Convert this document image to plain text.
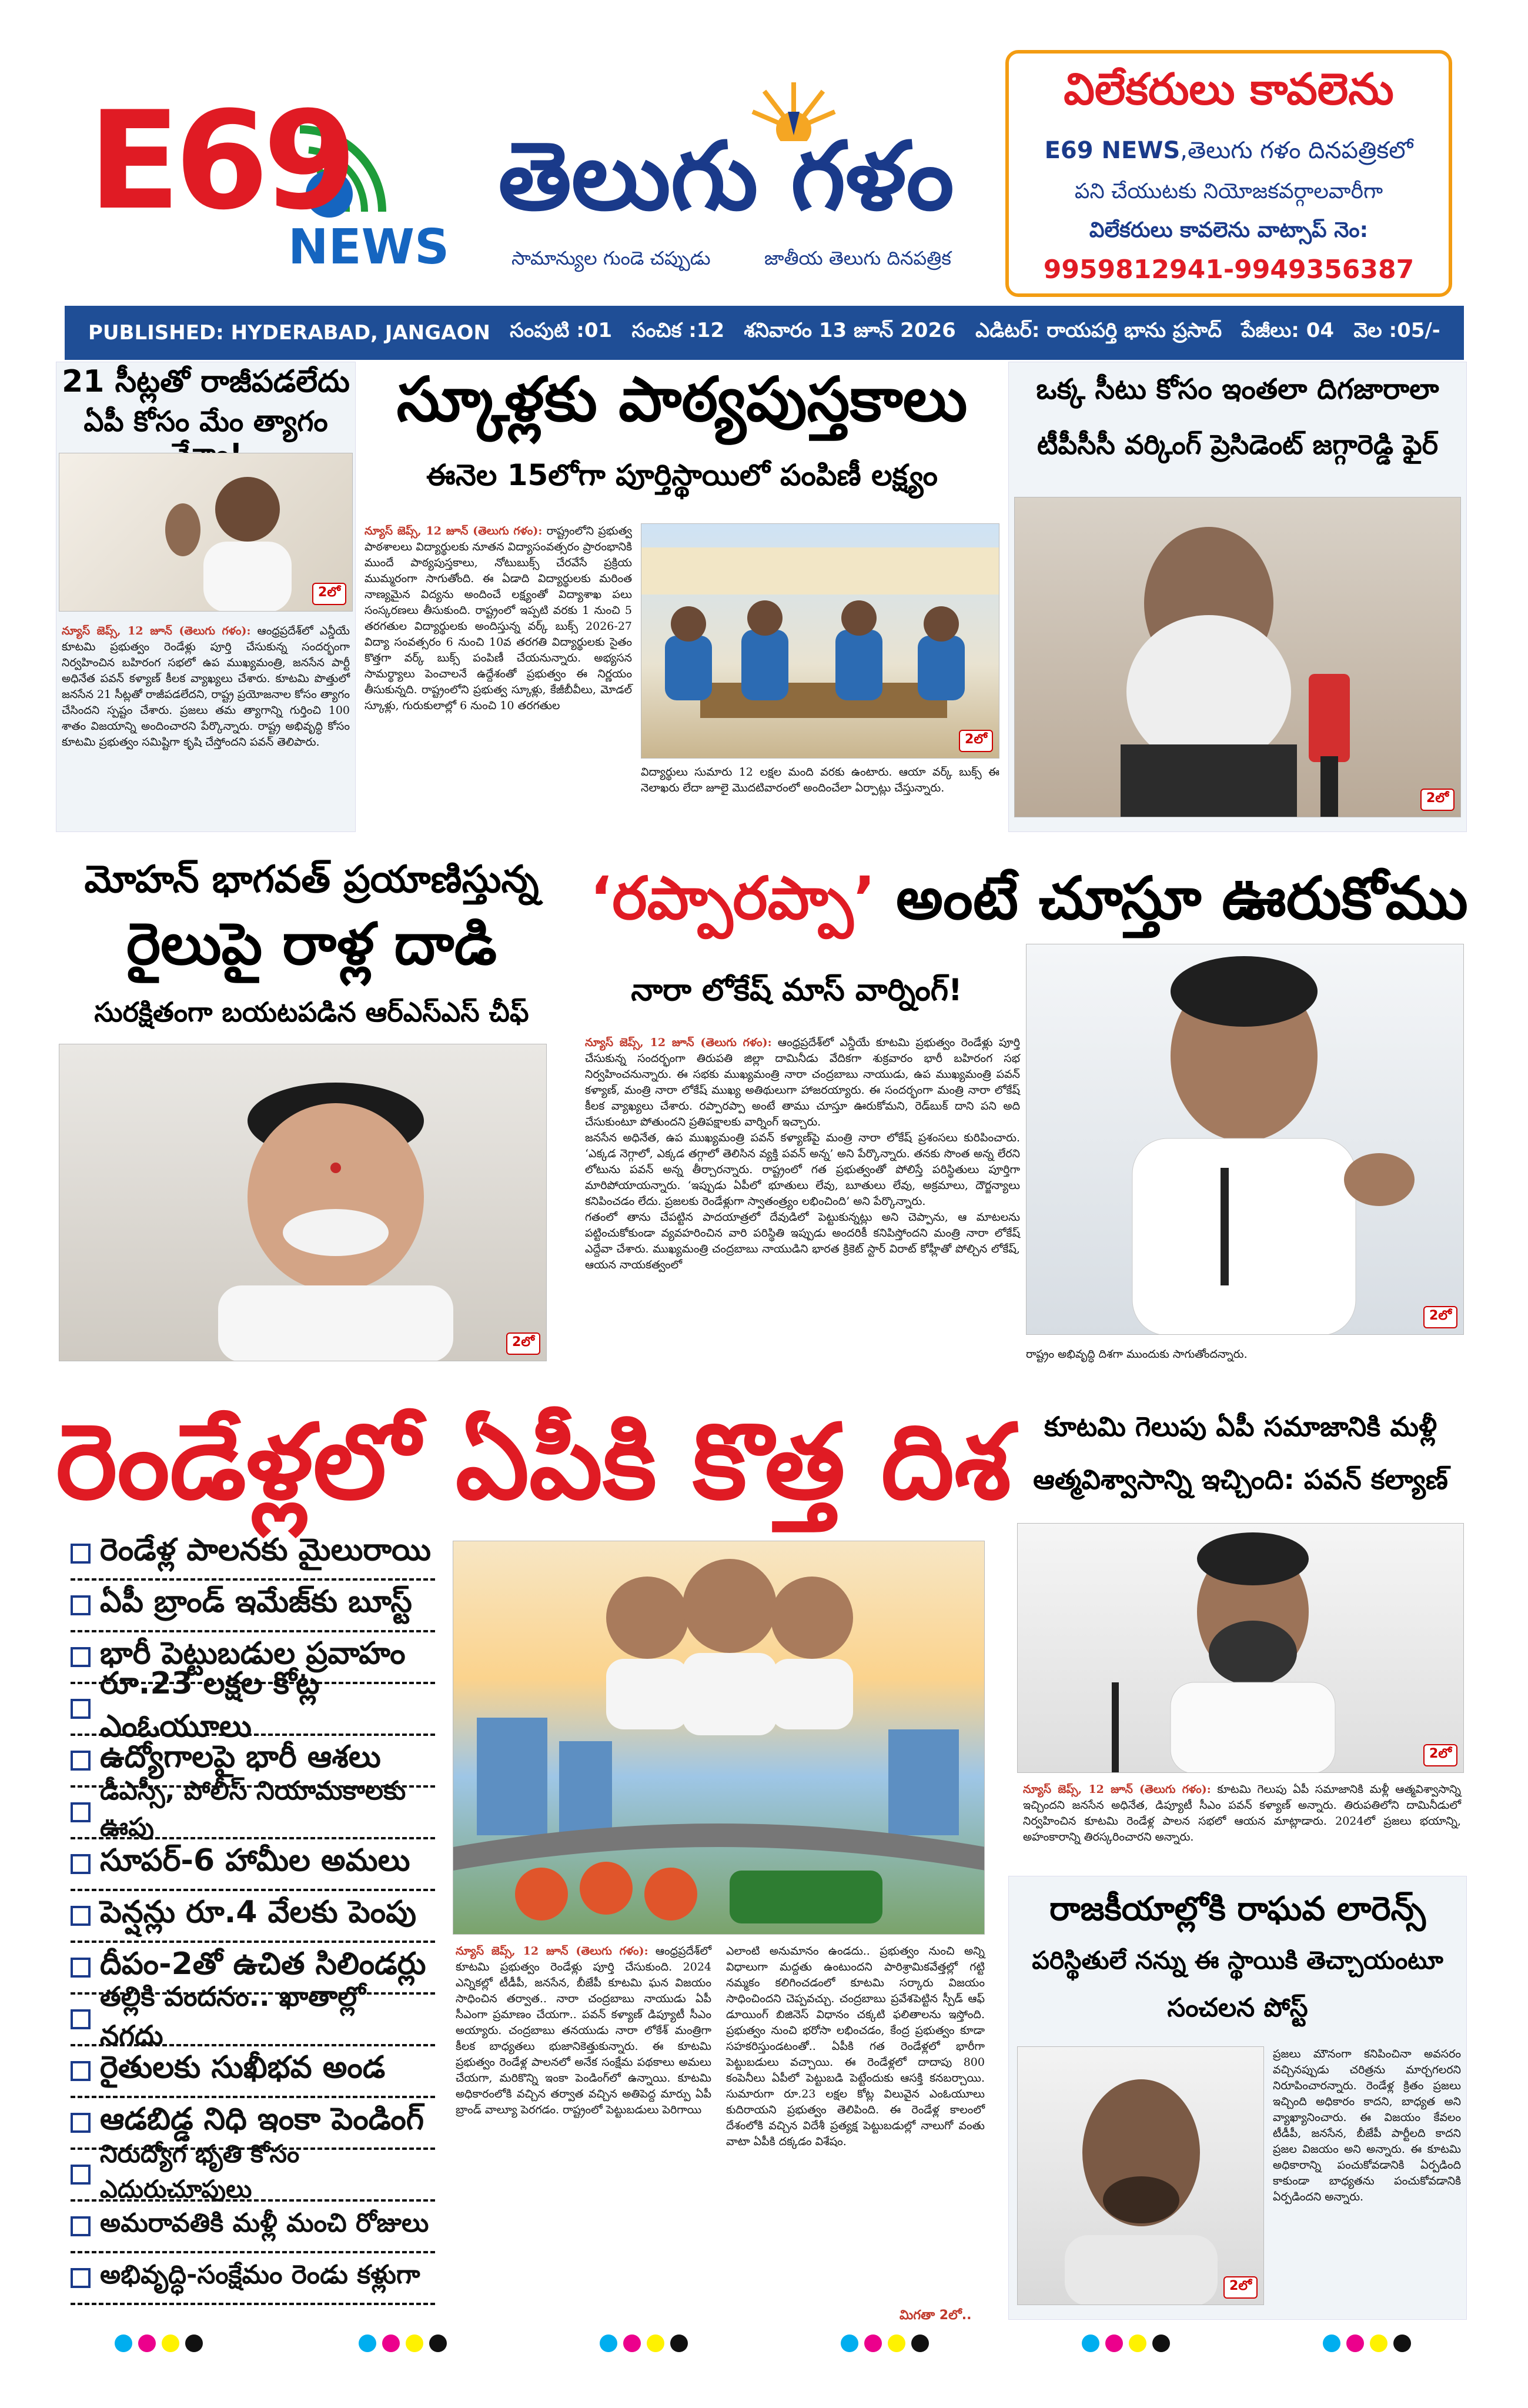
E69
NEWS
తెలుగు గళం
సామాన్యుల గుండె చప్పుడు	జాతీయ తెలుగు దినపత్రిక
విలేకరులు కావలెను
E69 NEWS,తెలుగు గళం దినపత్రికలో
పని చేయుటకు నియోజకవర్గాలవారీగా
విలేకరులు కావలెను వాట్సాప్ నెం:
9959812941-9949356387
PUBLISHED: HYDERABAD, JANGAON సంపుటి :01 సంచిక :12 శనివారం 13 జూన్ 2026 ఎడిటర్: రాయపర్తి భాను ప్రసాద్ పేజీలు: 04 వెల :05/-
21 సీట్లతో రాజీపడలేదు
ఏపీ కోసం మేం త్యాగం
2లో
న్యూస్ జెప్స్, 12 జూన్ (తెలుగు గళం): ఆంధ్రప్రదేశ్‌లో ఎన్డీయే కూటమి ప్రభుత్వం రెండేళ్లు పూర్తి చేసుకున్న సందర్భంగా నిర్వహించిన బహిరంగ సభలో ఉప ముఖ్యమంత్రి, జనసేన పార్టీ అధినేత పవన్ కళ్యాణ్ కీలక వ్యాఖ్యలు చేశారు. కూటమి పొత్తులో జనసేన 21 సీట్లతో రాజీపడలేదని, రాష్ట్ర ప్రయోజనాల కోసం త్యాగం చేసిందని స్పష్టం చేశారు. ప్రజలు తమ త్యాగాన్ని గుర్తించి 100 శాతం విజయాన్ని అందించారని పేర్కొన్నారు. రాష్ట్ర అభివృద్ధి కోసం కూటమి ప్రభుత్వం సమిష్టిగా కృషి చేస్తోందని పవన్ తెలిపారు.
స్కూళ్లకు పాఠ్యపుస్తకాలు
ఈనెల 15లోగా పూర్తిస్థాయిలో పంపిణీ లక్ష్యం
2లో
న్యూస్ జెప్స్, 12 జూన్ (తెలుగు గళం): రాష్ట్రంలోని ప్రభుత్వ పాఠశాలలు విద్యార్థులకు నూతన విద్యాసంవత్సరం ప్రారంభానికి ముందే పాఠ్యపుస్తకాలు, నోటుబుక్స్ చేరవేసే ప్రక్రియ ముమ్మరంగా సాగుతోంది. ఈ ఏడాది విద్యార్థులకు మరింత నాణ్యమైన విద్యను అందించే లక్ష్యంతో విద్యాశాఖ పలు సంస్కరణలు తీసుకుంది. రాష్ట్రంలో ఇప్పటి వరకు 1 నుంచి 5 తరగతుల విద్యార్థులకు అందిస్తున్న వర్క్ బుక్స్ 2026-27 విద్యా సంవత్సరం 6 నుంచి 10వ తరగతి విద్యార్థులకు సైతం కొత్తగా వర్క్ బుక్స్ పంపిణీ చేయనున్నారు. అభ్యసన సామర్థ్యాలు పెంచాలనే ఉద్దేశంతో ప్రభుత్వం ఈ నిర్ణయం తీసుకున్నది. రాష్ట్రంలోని ప్రభుత్వ స్కూళ్లు, కేజీబీవీలు, మోడల్ స్కూళ్లు, గురుకులాల్లో 6 నుంచి 10 తరగతుల
విద్యార్థులు సుమారు 12 లక్షల మంది వరకు ఉంటారు. ఆయా వర్క్ బుక్స్ ఈ నెలాఖరు లేదా జూలై మొదటివారంలో అందించేలా ఏర్పాట్లు చేస్తున్నారు.
ఒక్క సీటు కోసం ఇంతలా దిగజారాలా
టీపీసీసీ వర్కింగ్ ప్రెసిడెంట్ జగ్గారెడ్డి ఫైర్
2లో
మోహన్ భాగవత్ ప్రయాణిస్తున్న
రైలుపై రాళ్ల దాడి
సురక్షితంగా బయటపడిన ఆర్ఎస్ఎస్ చీఫ్
2లో
‘రప్పారప్పా’ అంటే చూస్తూ ఊరుకోము
నారా లోకేష్ మాస్ వార్నింగ్!
న్యూస్ జెప్స్, 12 జూన్ (తెలుగు గళం): ఆంధ్రప్రదేశ్‌లో ఎన్డీయే కూటమి ప్రభుత్వం రెండేళ్లు పూర్తి చేసుకున్న సందర్భంగా తిరుపతి జిల్లా దామినీడు వేదికగా శుక్రవారం భారీ బహిరంగ సభ నిర్వహించనున్నారు. ఈ సభకు ముఖ్యమంత్రి నారా చంద్రబాబు నాయుడు, ఉప ముఖ్యమంత్రి పవన్ కళ్యాణ్, మంత్రి నారా లోకేష్ ముఖ్య అతిథులుగా హాజరయ్యారు. ఈ సందర్భంగా మంత్రి నారా లోకేష్ కీలక వ్యాఖ్యలు చేశారు. రప్పారప్పా అంటే తాము చూస్తూ ఊరుకోమని, రెడ్‌బుక్ దాని పని అది చేసుకుంటూ పోతుందని ప్రతిపక్షాలకు వార్నింగ్ ఇచ్చారు.
జనసేన అధినేత, ఉప ముఖ్యమంత్రి పవన్ కళ్యాణ్‌పై మంత్రి నారా లోకేష్ ప్రశంసలు కురిపించారు. ‘ఎక్కడ నెగ్గాలో, ఎక్కడ తగ్గాలో తెలిసిన వ్యక్తి పవన్ అన్న’ అని పేర్కొన్నారు. తనకు సొంత అన్న లేరని లోటును పవన్ అన్న తీర్చారన్నారు. రాష్ట్రంలో గత ప్రభుత్వంతో పోలిస్తే పరిస్థితులు పూర్తిగా మారిపోయాయన్నారు. ‘ఇప్పుడు ఏపీలో భూతులు లేవు, బూతులు లేవు, అక్రమాలు, దౌర్జన్యాలు కనిపించడం లేదు. ప్రజలకు రెండేళ్లుగా స్వాతంత్ర్యం లభించింది’ అని పేర్కొన్నారు.
గతంలో తాను చేపట్టిన పాదయాత్రలో దేవుడిలో పెట్టుకున్నట్లు అని చెప్పాను, ఆ మాటలను పట్టించుకోకుండా వ్యవహరించిన వారి పరిస్థితి ఇప్పుడు అందరికీ కనిపిస్తోందని మంత్రి నారా లోకేష్ ఎద్దేవా చేశారు. ముఖ్యమంత్రి చంద్రబాబు నాయుడిని భారత క్రికెట్ స్టార్ విరాట్ కోహ్లీతో పోల్చిన లోకేష్, ఆయన నాయకత్వంలో
2లో
రాష్ట్రం అభివృద్ధి దిశగా ముందుకు సాగుతోందన్నారు.
రెండేళ్లలో ఏపీకి కొత్త దిశ
రెండేళ్ల పాలనకు మైలురాయి
ఏపీ బ్రాండ్ ఇమేజ్‌కు బూస్ట్
భారీ పెట్టుబడుల ప్రవాహం
రూ.23 లక్షల కోట్ల ఎంఓయూలు
ఉద్యోగాలపై భారీ ఆశలు
డీఎస్సీ, పోలీస్ నియామకాలకు ఊపు
సూపర్-6 హామీల అమలు
పెన్షన్లు రూ.4 వేలకు పెంపు
దీపం-2తో ఉచిత సిలిండర్లు
తల్లికి వందనం.. ఖాతాల్లో నగదు
రైతులకు సుఖీభవ అండ
ఆడబిడ్డ నిధి ఇంకా పెండింగ్
నిరుద్యోగ భృతి కోసం ఎదురుచూపులు
అమరావతికి మళ్లీ మంచి రోజులు
అభివృద్ధి-సంక్షేమం రెండు కళ్లుగా
న్యూస్ జెప్స్, 12 జూన్ (తెలుగు గళం): ఆంధ్రప్రదేశ్‌లో కూటమి ప్రభుత్వం రెండేళ్లు పూర్తి చేసుకుంది. 2024 ఎన్నికల్లో టీడీపీ, జనసేన, బీజేపీ కూటమి ఘన విజయం సాధించిన తర్వాత.. నారా చంద్రబాబు నాయుడు ఏపీ సీఎంగా ప్రమాణం చేయగా.. పవన్ కళ్యాణ్ డిప్యూటీ సీఎం అయ్యారు. చంద్రబాబు తనయుడు నారా లోకేశ్ మంత్రిగా కీలక బాధ్యతలు భుజానికెత్తుకున్నారు. ఈ కూటమి ప్రభుత్వం రెండేళ్ల పాలనలో అనేక సంక్షేమ పథకాలు అమలు చేయగా, మరికొన్ని ఇంకా పెండింగ్‌లో ఉన్నాయి. కూటమి అధికారంలోకి వచ్చిన తర్వాత వచ్చిన అతిపెద్ద మార్పు ఏపీ బ్రాండ్ వాల్యూ పెరగడం. రాష్ట్రంలో పెట్టుబడులు పెరిగాయి
ఎలాంటి అనుమానం ఉండదు.. ప్రభుత్వం నుంచి అన్ని విధాలుగా మద్దతు ఉంటుందని పారిశ్రామికవేత్తల్లో గట్టి నమ్మకం కలిగించడంలో కూటమి సర్కారు విజయం సాధించిందని చెప్పవచ్చు. చంద్రబాబు ప్రవేశపెట్టిన స్పీడ్ ఆఫ్ డూయింగ్ బిజినెస్ విధానం చక్కటి ఫలితాలను ఇస్తోంది. ప్రభుత్వం నుంచి భరోసా లభించడం, కేంద్ర ప్రభుత్వం కూడా సహకరిస్తుండటంతో.. ఏపీకి గత రెండేళ్లలో భారీగా పెట్టుబడులు వచ్చాయి. ఈ రెండేళ్లలో దాదాపు 800 కంపెనీలు ఏపీలో పెట్టుబడి పెట్టేందుకు ఆసక్తి కనబర్చాయి. సుమారుగా రూ.23 లక్షల కోట్ల విలువైన ఎంఓయూలు కుదిరాయని ప్రభుత్వం తెలిపింది. ఈ రెండేళ్ల కాలంలో దేశంలోకి వచ్చిన విదేశీ ప్రత్యక్ష పెట్టుబడుల్లో నాలుగో వంతు వాటా ఏపీకి దక్కడం విశేషం.
మిగతా 2లో..
కూటమి గెలుపు ఏపీ సమాజానికి మళ్లీ
ఆత్మవిశ్వాసాన్ని ఇచ్చింది: పవన్ కల్యాణ్
2లో
న్యూస్ జెప్స్, 12 జూన్ (తెలుగు గళం): కూటమి గెలుపు ఏపీ సమాజానికి మళ్లీ ఆత్మవిశ్వాసాన్ని ఇచ్చిందని జనసేన అధినేత, డిప్యూటీ సీఎం పవన్ కళ్యాణ్ అన్నారు. తిరుపతిలోని దామినీడులో నిర్వహించిన కూటమి రెండేళ్ల పాలన సభలో ఆయన మాట్లాడారు. 2024లో ప్రజలు భయాన్ని, అహంకారాన్ని తిరస్కరించారని అన్నారు.
రాజకీయాల్లోకి రాఘవ లారెన్స్
పరిస్థితులే నన్ను ఈ స్థాయికి తెచ్చాయంటూ
సంచలన పోస్ట్
2లో
ప్రజలు మౌనంగా కనిపించినా అవసరం వచ్చినప్పుడు చరిత్రను మార్చగలరని నిరూపించారన్నారు. రెండేళ్ల క్రితం ప్రజలు ఇచ్చింది అధికారం కాదని, బాధ్యత అని వ్యాఖ్యానించారు. ఈ విజయం కేవలం టీడీపీ, జనసేన, బీజేపీ పార్టీలది కాదని ప్రజల విజయం అని అన్నారు. ఈ కూటమి అధికారాన్ని పంచుకోవడానికి ఏర్పడింది కాకుండా బాధ్యతను పంచుకోవడానికి ఏర్పడిందని అన్నారు.
